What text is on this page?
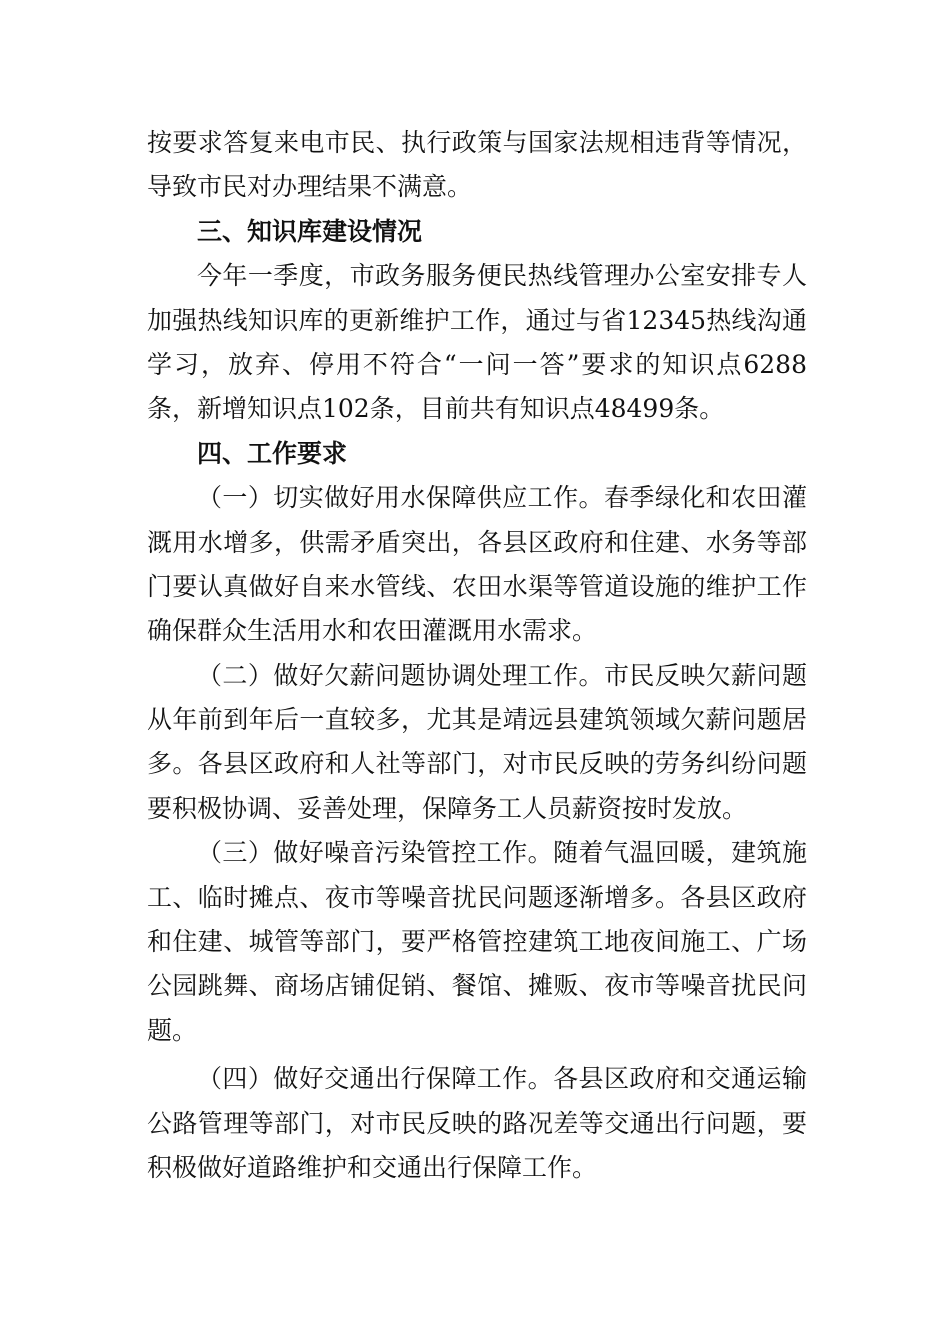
按要求答复来电市民、执行政策与国家法规相违背等情况，
导致市民对办理结果不满意。
三、知识库建设情况
今年一季度，市政务服务便民热线管理办公室安排专人
加强热线知识库的更新维护工作，通过与省12345热线沟通
学习，放弃、停用不符合“一问一答”要求的知识点6288
条，新增知识点102条，目前共有知识点48499条。
四、工作要求
（一）切实做好用水保障供应工作。春季绿化和农田灌
溉用水增多，供需矛盾突出，各县区政府和住建、水务等部
门要认真做好自来水管线、农田水渠等管道设施的维护工作
确保群众生活用水和农田灌溉用水需求。
（二）做好欠薪问题协调处理工作。市民反映欠薪问题
从年前到年后一直较多，尤其是靖远县建筑领域欠薪问题居
多。各县区政府和人社等部门，对市民反映的劳务纠纷问题
要积极协调、妥善处理，保障务工人员薪资按时发放。
（三）做好噪音污染管控工作。随着气温回暖，建筑施
工、临时摊点、夜市等噪音扰民问题逐渐增多。各县区政府
和住建、城管等部门，要严格管控建筑工地夜间施工、广场
公园跳舞、商场店铺促销、餐馆、摊贩、夜市等噪音扰民问
题。
（四）做好交通出行保障工作。各县区政府和交通运输
公路管理等部门，对市民反映的路况差等交通出行问题，要
积极做好道路维护和交通出行保障工作。
